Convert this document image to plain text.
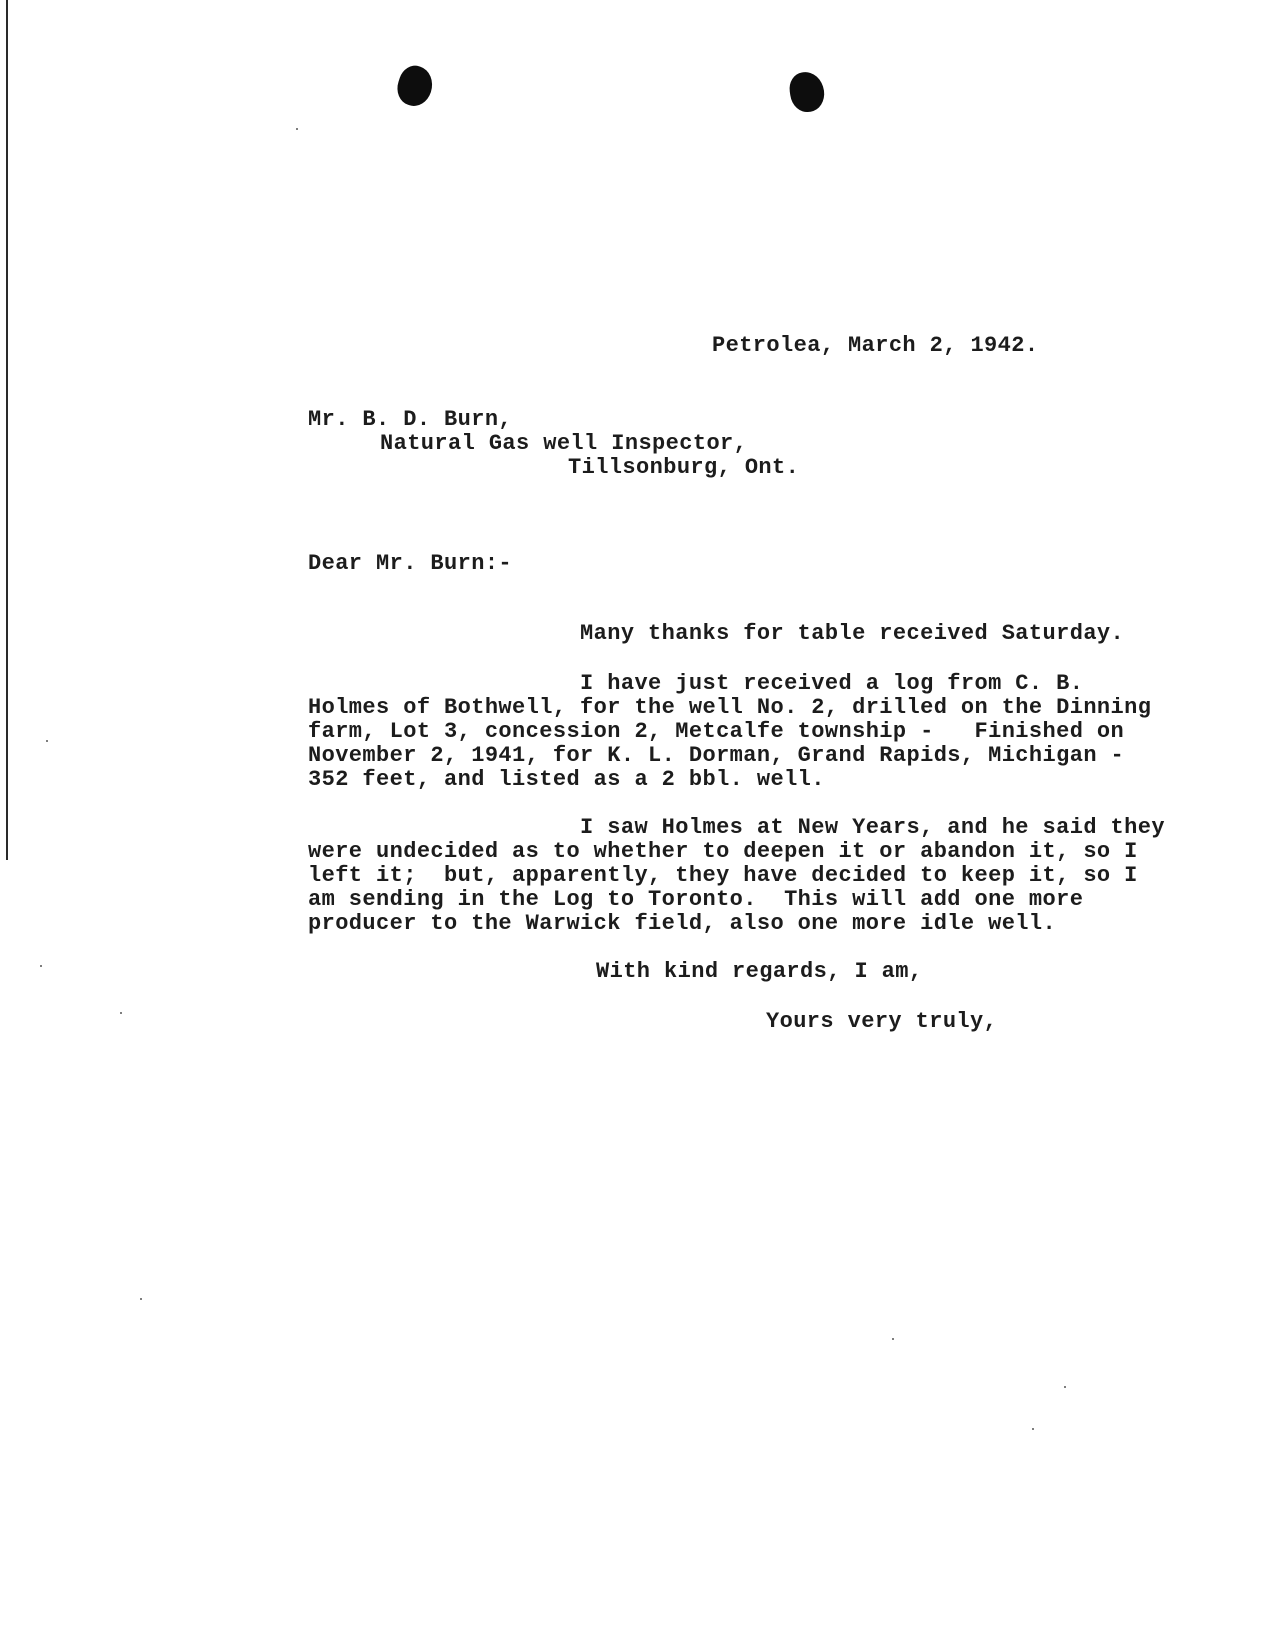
Petrolea, March 2, 1942.
Mr. B. D. Burn,
Natural Gas well Inspector,
Tillsonburg, Ont.
Dear Mr. Burn:-
Many thanks for table received Saturday.
I have just received a log from C. B.
Holmes of Bothwell, for the well No. 2, drilled on the Dinning
farm, Lot 3, concession 2, Metcalfe township -   Finished on
November 2, 1941, for K. L. Dorman, Grand Rapids, Michigan -
352 feet, and listed as a 2 bbl. well.
I saw Holmes at New Years, and he said they
were undecided as to whether to deepen it or abandon it, so I
left it;  but, apparently, they have decided to keep it, so I
am sending in the Log to Toronto.  This will add one more
producer to the Warwick field, also one more idle well.
With kind regards, I am,
Yours very truly,
